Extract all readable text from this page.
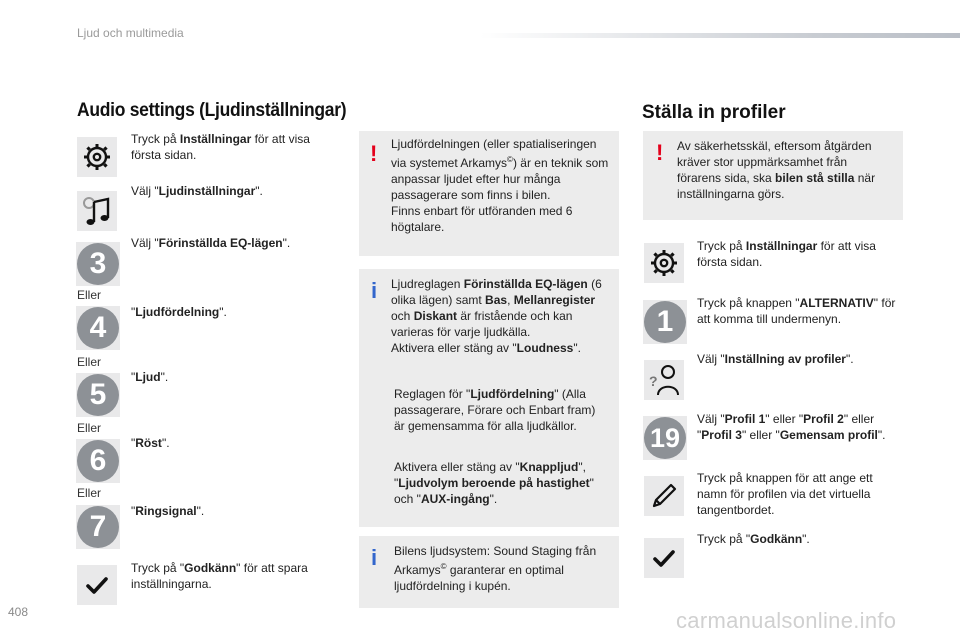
Ljud och multimedia
Audio settings (Ljudinställningar)
Tryck på Inställningar för att visa första sidan.
Välj "Ljudinställningar".
3
Välj "Förinställda EQ-lägen".
Eller
4	"Ljudfördelning".
Eller
5
"Ljud".
Eller
6
"Röst".
Eller
7	"Ringsignal".
Tryck på "Godkänn" för att spara inställningarna.
! Ljudfördelningen (eller spatialiseringen via systemet Arkamys©) är en teknik som anpassar ljudet efter hur många passagerare som finns i bilen.
Finns enbart för utföranden med 6 högtalare.
i Ljudreglagen Förinställda EQ-lägen (6 olika lägen) samt Bas, Mellanregister och Diskant är fristående och kan varieras för varje ljudkälla.
Aktivera eller stäng av "Loudness".
Reglagen för "Ljudfördelning" (Alla passagerare, Förare och Enbart fram) är gemensamma för alla ljudkällor.
Aktivera eller stäng av "Knappljud", "Ljudvolym beroende på hastighet" och "AUX-ingång".
i Bilens ljudsystem: Sound Staging från Arkamys© garanterar en optimal ljudfördelning i kupén.
Ställa in profiler
! Av säkerhetsskäl, eftersom åtgärden kräver stor uppmärksamhet från förarens sida, ska bilen stå stilla när inställningarna görs.
Tryck på Inställningar för att visa första sidan.
1
Tryck på knappen "ALTERNATIV" för att komma till undermenyn.
?
Välj "Inställning av profiler".
19
Välj "Profil 1" eller "Profil 2" eller "Profil 3" eller "Gemensam profil".
Tryck på knappen för att ange ett namn för profilen via det virtuella tangentbordet.
Tryck på "Godkänn".
408	carmanualsonline.info
